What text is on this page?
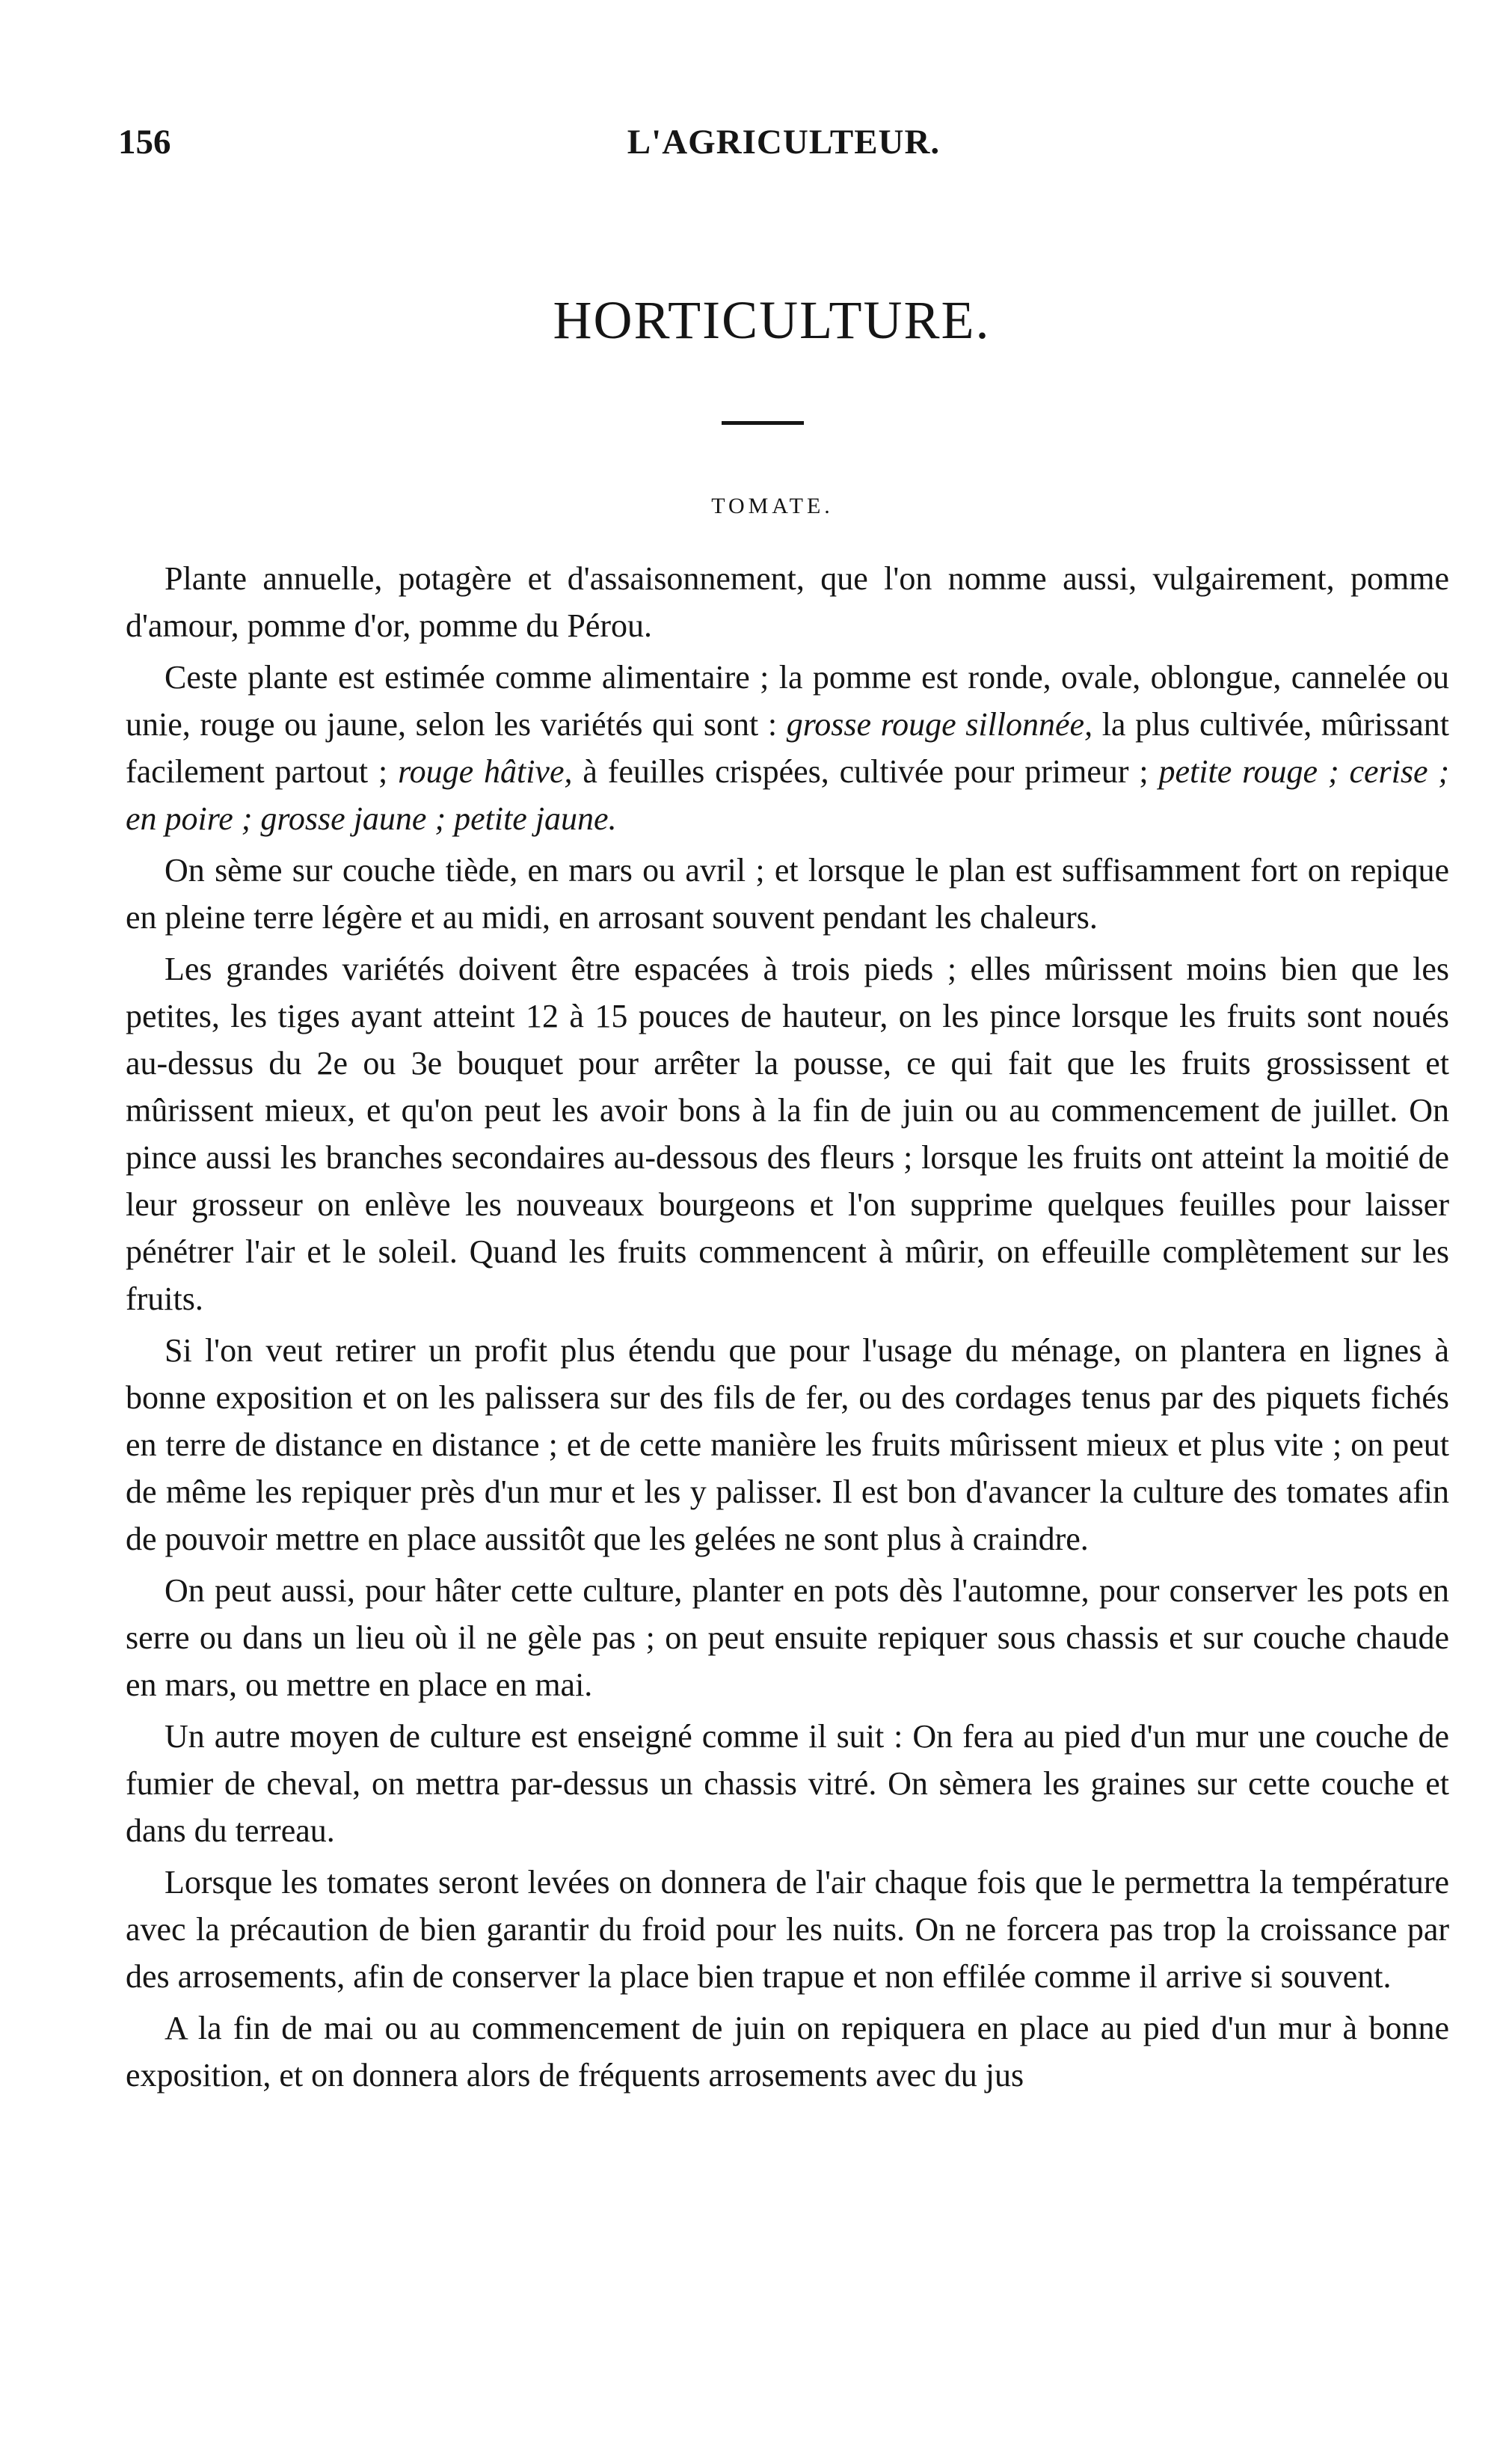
156	L'AGRICULTEUR.
HORTICULTURE.
TOMATE.

Plante annuelle, potagère et d'assaisonnement, que l'on nomme aussi, vulgairement, pomme d'amour, pomme d'or, pomme du Pérou.

Ceste plante est estimée comme alimentaire ; la pomme est ronde, ovale, oblongue, cannelée ou unie, rouge ou jaune, selon les variétés qui sont : grosse rouge sillonnée, la plus cultivée, mûrissant facilement partout ; rouge hâtive, à feuilles crispées, cultivée pour primeur ; petite rouge ; cerise ; en poire ; grosse jaune ; petite jaune.

On sème sur couche tiède, en mars ou avril ; et lorsque le plan est suffisamment fort on repique en pleine terre légère et au midi, en arrosant souvent pendant les chaleurs.

Les grandes variétés doivent être espacées à trois pieds ; elles mûrissent moins bien que les petites, les tiges ayant atteint 12 à 15 pouces de hauteur, on les pince lorsque les fruits sont noués au-dessus du 2e ou 3e bouquet pour arrêter la pousse, ce qui fait que les fruits grossissent et mûrissent mieux, et qu'on peut les avoir bons à la fin de juin ou au commencement de juillet. On pince aussi les branches secondaires au-dessous des fleurs ; lorsque les fruits ont atteint la moitié de leur grosseur on enlève les nouveaux bourgeons et l'on supprime quelques feuilles pour laisser pénétrer l'air et le soleil. Quand les fruits commencent à mûrir, on effeuille complètement sur les fruits.

Si l'on veut retirer un profit plus étendu que pour l'usage du ménage, on plantera en lignes à bonne exposition et on les palissera sur des fils de fer, ou des cordages tenus par des piquets fichés en terre de distance en distance ; et de cette manière les fruits mûrissent mieux et plus vite ; on peut de même les repiquer près d'un mur et les y palisser. Il est bon d'avancer la culture des tomates afin de pouvoir mettre en place aussitôt que les gelées ne sont plus à craindre.

On peut aussi, pour hâter cette culture, planter en pots dès l'automne, pour conserver les pots en serre ou dans un lieu où il ne gèle pas ; on peut ensuite repiquer sous chassis et sur couche chaude en mars, ou mettre en place en mai.

Un autre moyen de culture est enseigné comme il suit : On fera au pied d'un mur une couche de fumier de cheval, on mettra par-dessus un chassis vitré. On sèmera les graines sur cette couche et dans du terreau.

Lorsque les tomates seront levées on donnera de l'air chaque fois que le permettra la température avec la précaution de bien garantir du froid pour les nuits. On ne forcera pas trop la croissance par des arrosements, afin de conserver la place bien trapue et non effilée comme il arrive si souvent.

A la fin de mai ou au commencement de juin on repiquera en place au pied d'un mur à bonne exposition, et on donnera alors de fréquents arrosements avec du jus
